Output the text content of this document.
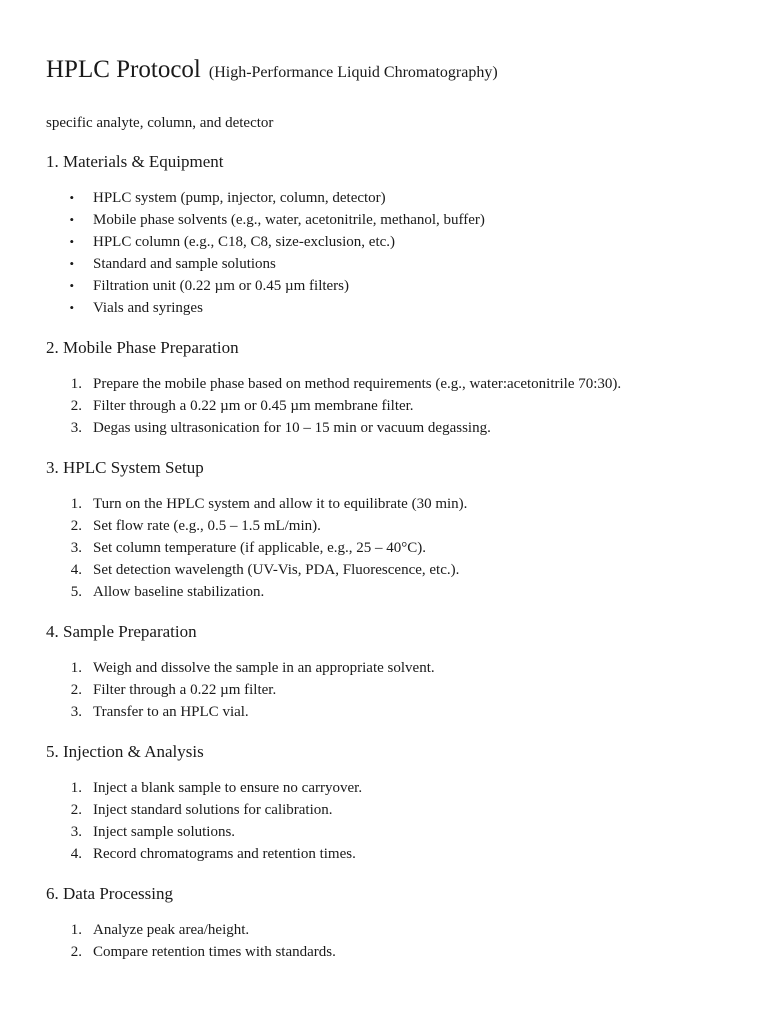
HPLC Protocol (High-Performance Liquid Chromatography)

specific analyte, column, and detector

1. Materials & Equipment
• HPLC system (pump, injector, column, detector)
• Mobile phase solvents (e.g., water, acetonitrile, methanol, buffer)
• HPLC column (e.g., C18, C8, size-exclusion, etc.)
• Standard and sample solutions
• Filtration unit (0.22 µm or 0.45 µm filters)
• Vials and syringes
2. Mobile Phase Preparation
1. Prepare the mobile phase based on method requirements (e.g., water:acetonitrile 70:30).
2. Filter through a 0.22 µm or 0.45 µm membrane filter.
3. Degas using ultrasonication for 10 – 15 min or vacuum degassing.
3. HPLC System Setup
1. Turn on the HPLC system and allow it to equilibrate (30 min).
2. Set flow rate (e.g., 0.5 – 1.5 mL/min).
3. Set column temperature (if applicable, e.g., 25 – 40°C).
4. Set detection wavelength (UV-Vis, PDA, Fluorescence, etc.).
5. Allow baseline stabilization.
4. Sample Preparation
1. Weigh and dissolve the sample in an appropriate solvent.
2. Filter through a 0.22 µm filter.
3. Transfer to an HPLC vial.
5. Injection & Analysis
1. Inject a blank sample to ensure no carryover.
2. Inject standard solutions for calibration.
3. Inject sample solutions.
4. Record chromatograms and retention times.
6. Data Processing
1. Analyze peak area/height.
2. Compare retention times with standards.
